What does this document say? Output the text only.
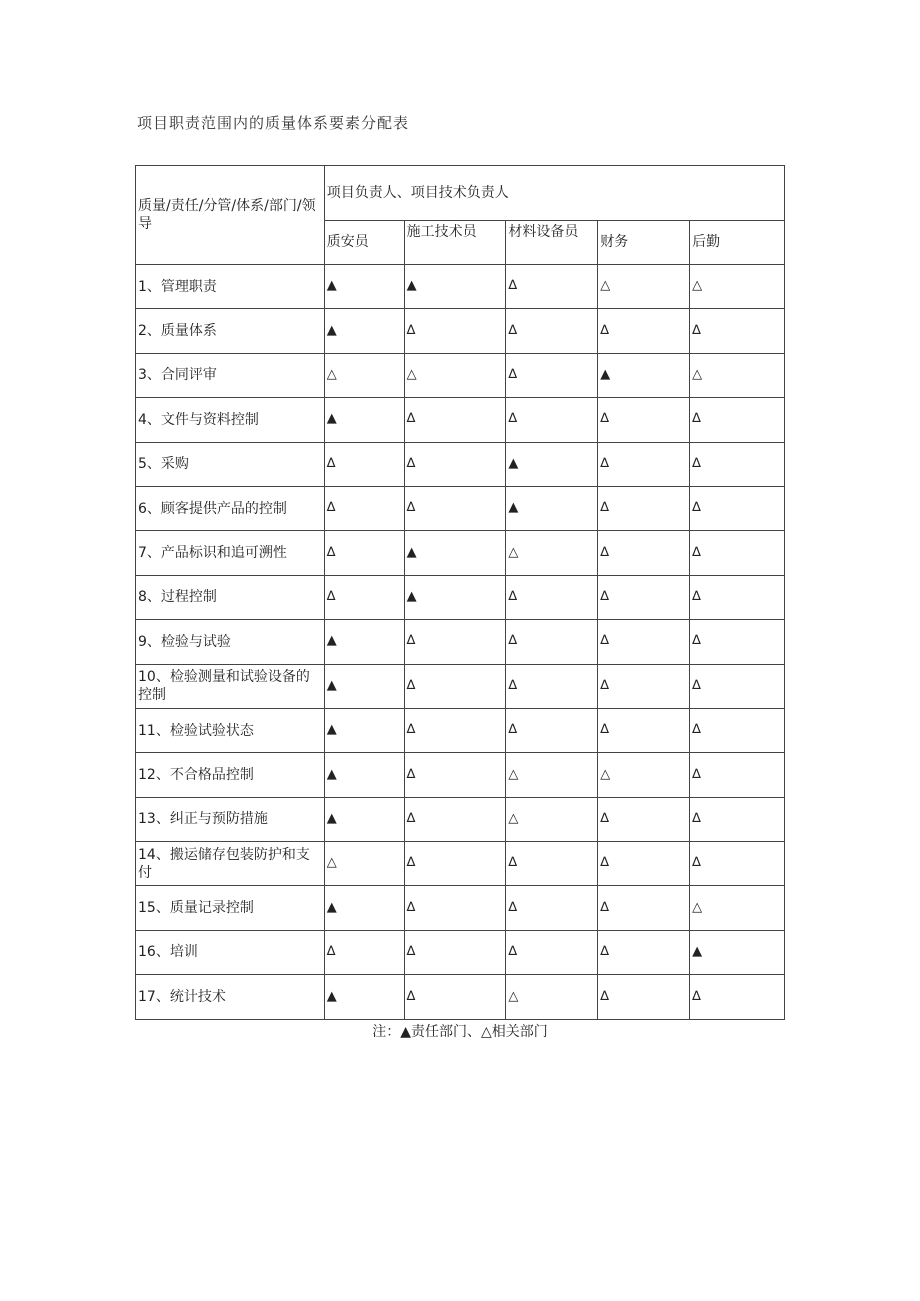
项目职责范围内的质量体系要素分配表
质量/责任/分管/体系/部门/领导	项目负责人、项目技术负责人				
	质安员	施工技术员	材料设备员	财务	后勤
1、管理职责	▲	▲	∆	△	△
2、质量体系	▲	∆	∆	∆	∆
3、合同评审	△	△	∆	▲	△
4、文件与资料控制	▲	∆	∆	∆	∆
5、采购	∆	∆	▲	∆	∆
6、顾客提供产品的控制	∆	∆	▲	∆	∆
7、产品标识和追可溯性	∆	▲	△	∆	∆
8、过程控制	∆	▲	∆	∆	∆
9、检验与试验	▲	∆	∆	∆	∆
10、检验测量和试验设备的控制	▲	∆	∆	∆	∆
11、检验试验状态	▲	∆	∆	∆	∆
12、不合格品控制	▲	∆	△	△	∆
13、纠正与预防措施	▲	∆	△	∆	∆
14、搬运储存包装防护和支付	△	∆	∆	∆	∆
15、质量记录控制	▲	∆	∆	∆	△
16、培训	∆	∆	∆	∆	▲
17、统计技术	▲	∆	△	∆	∆
注：▲责任部门、△相关部门
